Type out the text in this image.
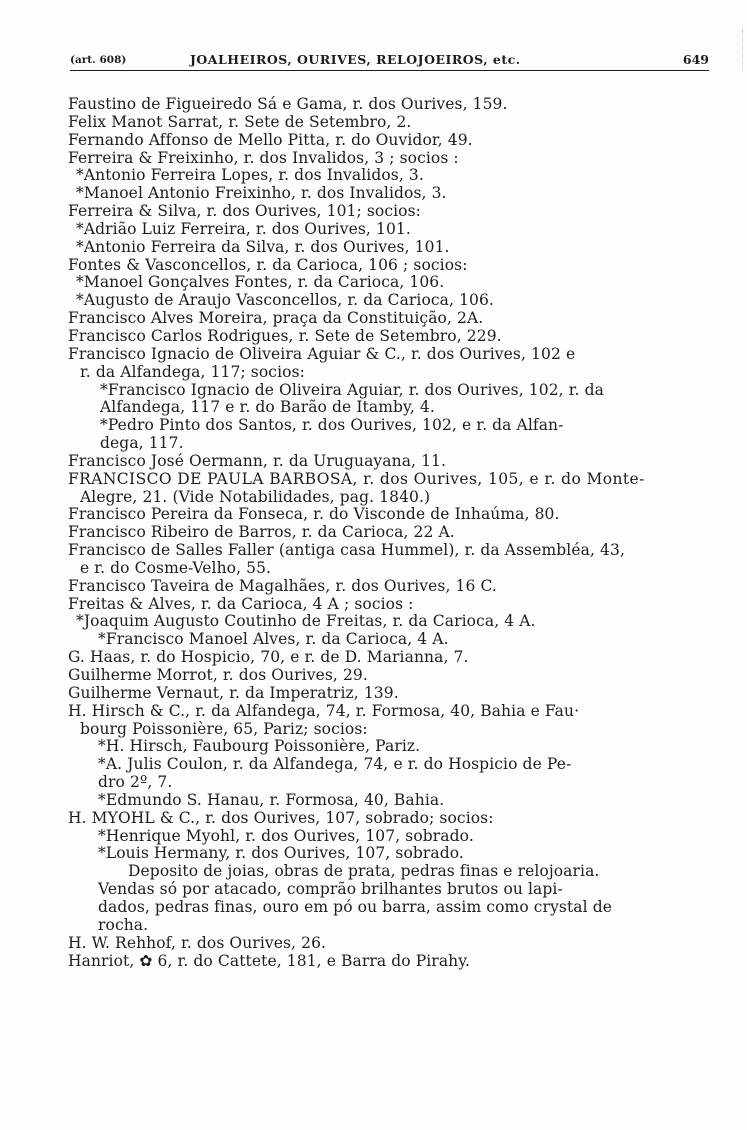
(art. 608)	JOALHEIROS, OURIVES, RELOJOEIROS, etc.	649
Faustino de Figueiredo Sá e Gama, r. dos Ourives, 159.
Felix Manot Sarrat, r. Sete de Setembro, 2.
Fernando Affonso de Mello Pitta, r. do Ouvidor, 49.
Ferreira & Freixinho, r. dos Invalidos, 3 ; socios :
*Antonio Ferreira Lopes, r. dos Invalidos, 3.
*Manoel Antonio Freixinho, r. dos Invalidos, 3.
Ferreira & Silva, r. dos Ourives, 101; socios:
*Adrião Luiz Ferreira, r. dos Ourives, 101.
*Antonio Ferreira da Silva, r. dos Ourives, 101.
Fontes & Vasconcellos, r. da Carioca, 106 ; socios:
*Manoel Gonçalves Fontes, r. da Carioca, 106.
*Augusto de Araujo Vasconcellos, r. da Carioca, 106.
Francisco Alves Moreira, praça da Constituição, 2A.
Francisco Carlos Rodrigues, r. Sete de Setembro, 229.
Francisco Ignacio de Oliveira Aguiar & C., r. dos Ourives, 102 e
r. da Alfandega, 117; socios:
*Francisco Ignacio de Oliveira Aguiar, r. dos Ourives, 102, r. da
Alfandega, 117 e r. do Barão de Itamby, 4.
*Pedro Pinto dos Santos, r. dos Ourives, 102, e r. da Alfan-
dega, 117.
Francisco José Oermann, r. da Uruguayana, 11.
FRANCISCO DE PAULA BARBOSA, r. dos Ourives, 105, e r. do Monte-
Alegre, 21. (Vide Notabilidades, pag. 1840.)
Francisco Pereira da Fonseca, r. do Visconde de Inhaúma, 80.
Francisco Ribeiro de Barros, r. da Carioca, 22 A.
Francisco de Salles Faller (antiga casa Hummel), r. da Assembléa, 43,
e r. do Cosme-Velho, 55.
Francisco Taveira de Magalhães, r. dos Ourives, 16 C.
Freitas & Alves, r. da Carioca, 4 A ; socios :
*Joaquim Augusto Coutinho de Freitas, r. da Carioca, 4 A.
*Francisco Manoel Alves, r. da Carioca, 4 A.
G. Haas, r. do Hospicio, 70, e r. de D. Marianna, 7.
Guilherme Morrot, r. dos Ourives, 29.
Guilherme Vernaut, r. da Imperatriz, 139.
H. Hirsch & C., r. da Alfandega, 74, r. Formosa, 40, Bahia e Fau·
bourg Poissonière, 65, Pariz; socios:
*H. Hirsch, Faubourg Poissonière, Pariz.
*A. Julis Coulon, r. da Alfandega, 74, e r. do Hospicio de Pe-
dro 2º, 7.
*Edmundo S. Hanau, r. Formosa, 40, Bahia.
H. MYOHL & C., r. dos Ourives, 107, sobrado; socios:
*Henrique Myohl, r. dos Ourives, 107, sobrado.
*Louis Hermany, r. dos Ourives, 107, sobrado.
Deposito de joias, obras de prata, pedras finas e relojoaria.
Vendas só por atacado, comprão brilhantes brutos ou lapi-
dados, pedras finas, ouro em pó ou barra, assim como crystal de
rocha.
H. W. Rehhof, r. dos Ourives, 26.
Hanriot, ✿ 6, r. do Cattete, 181, e Barra do Pirahy.
